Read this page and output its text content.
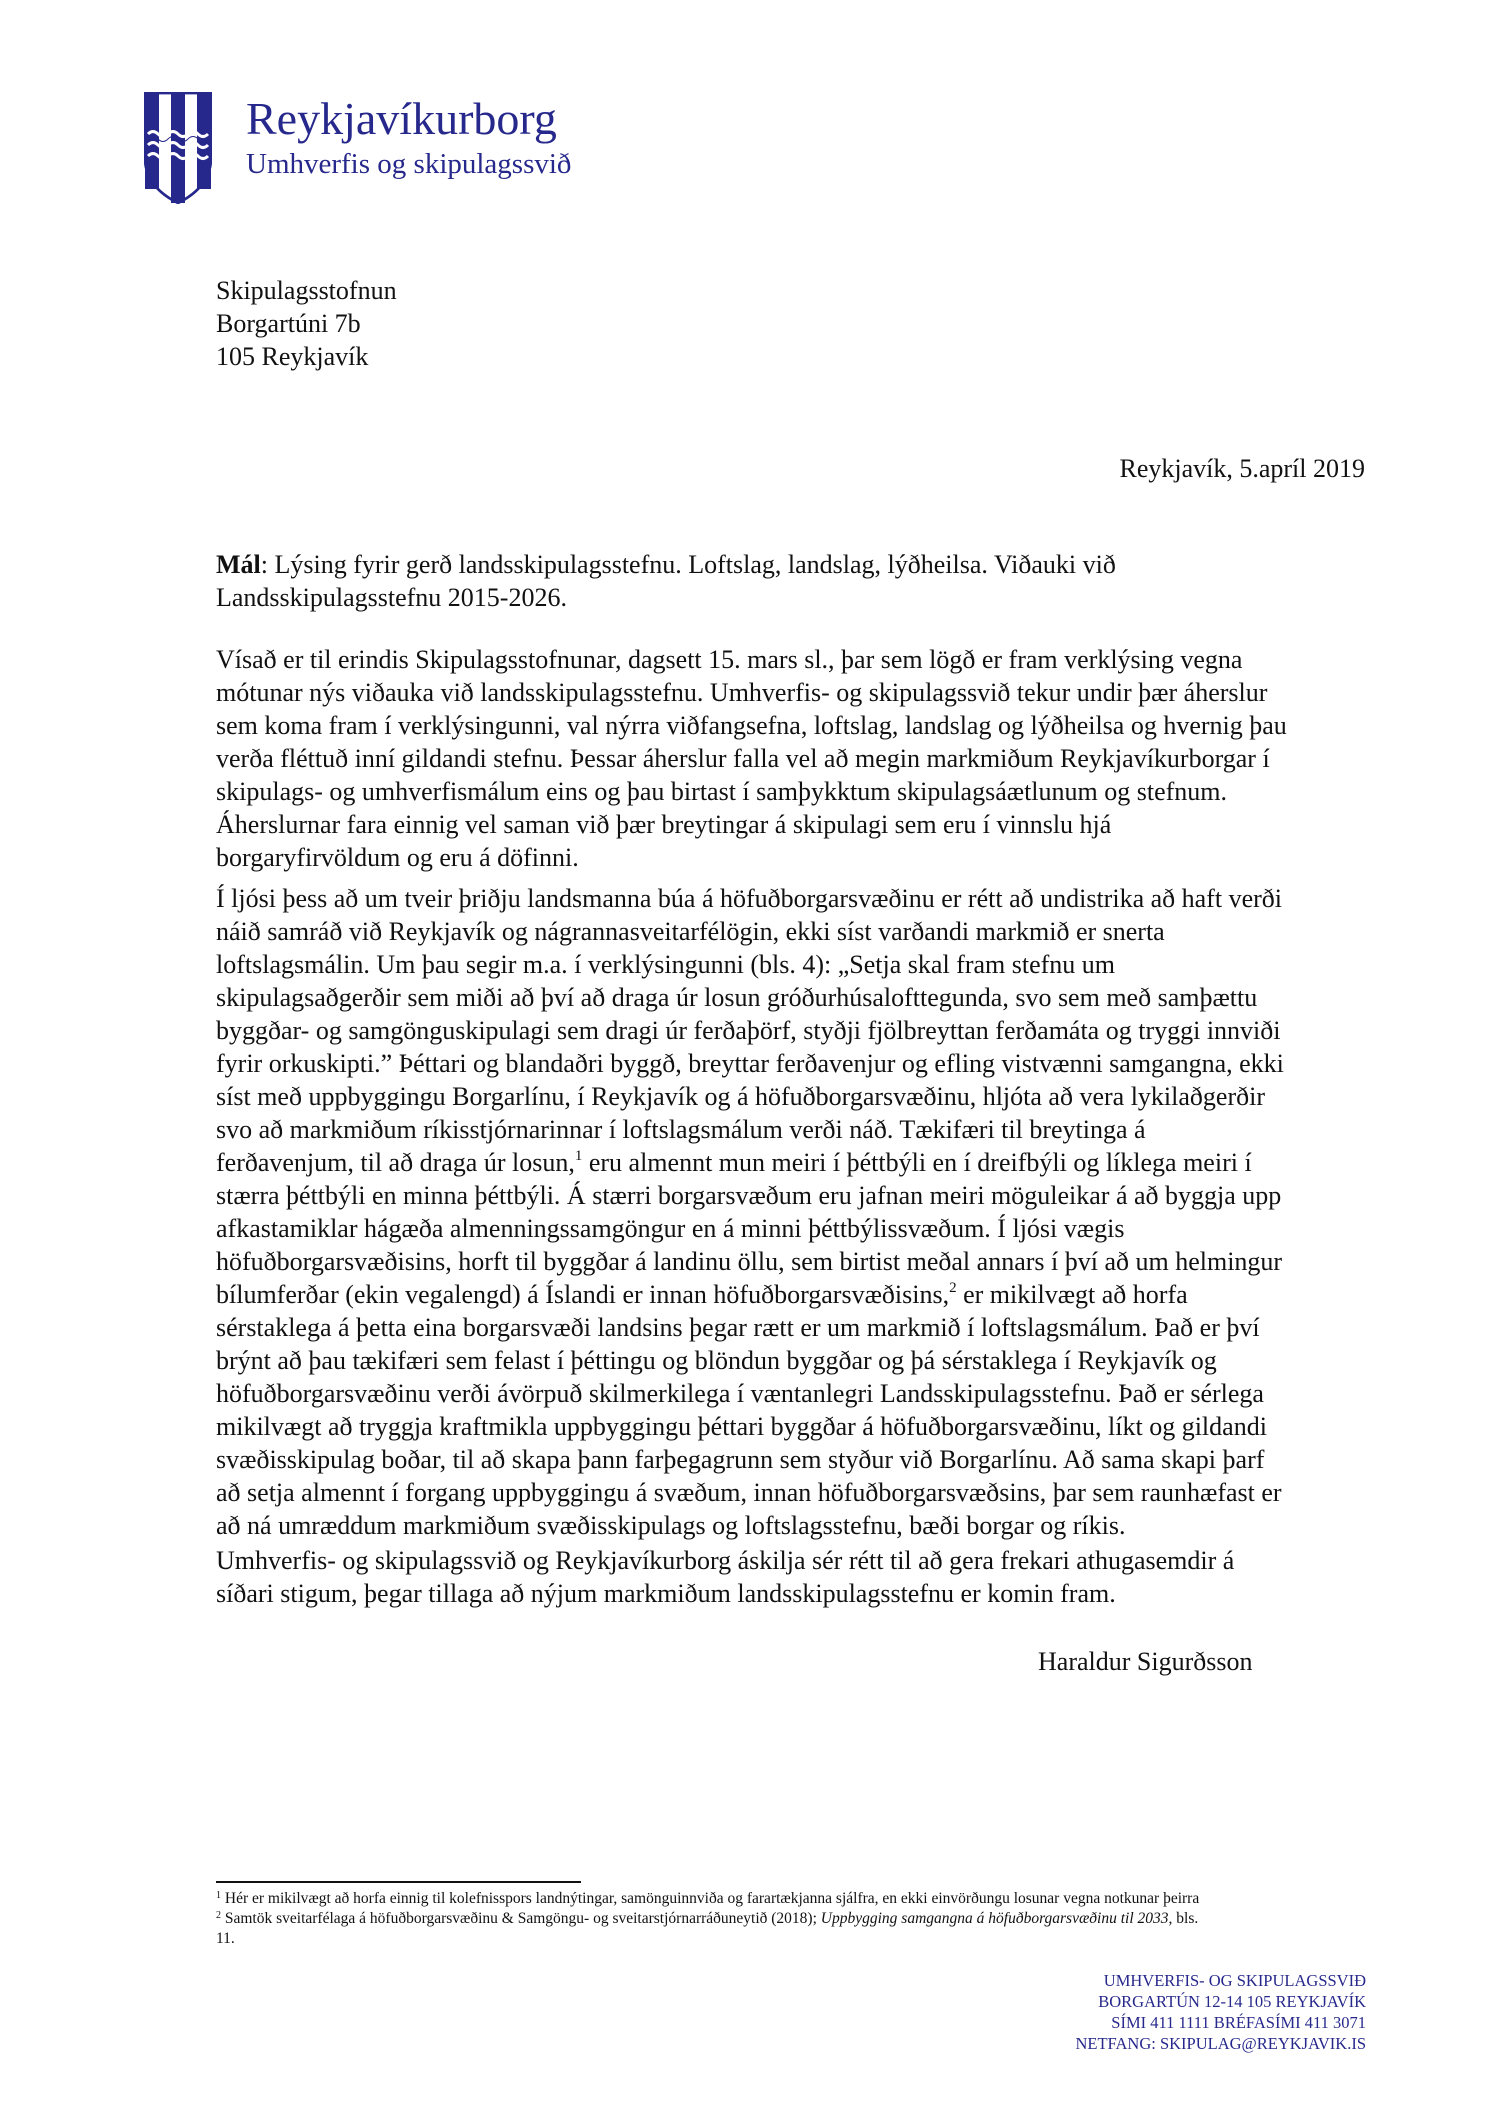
Reykjavíkurborg
Umhverfis og skipulagssvið
Skipulagsstofnun
Borgartúni 7b
105 Reykjavík
Reykjavík, 5.apríl 2019
Mál: Lýsing fyrir gerð landsskipulagsstefnu. Loftslag, landslag, lýðheilsa. Viðauki við
Landsskipulagsstefnu 2015-2026.
Vísað er til erindis Skipulagsstofnunar, dagsett 15. mars sl., þar sem lögð er fram verklýsing vegna
mótunar nýs viðauka við landsskipulagsstefnu. Umhverfis- og skipulagssvið tekur undir þær áherslur
sem koma fram í verklýsingunni, val nýrra viðfangsefna, loftslag, landslag og lýðheilsa og hvernig þau
verða fléttuð inní gildandi stefnu. Þessar áherslur falla vel að megin markmiðum Reykjavíkurborgar í
skipulags- og umhverfismálum eins og þau birtast í samþykktum skipulagsáætlunum og stefnum.
Áherslurnar fara einnig vel saman við þær breytingar á skipulagi sem eru í vinnslu hjá
borgaryfirvöldum og eru á döfinni.
Í ljósi þess að um tveir þriðju landsmanna búa á höfuðborgarsvæðinu er rétt að undistrika að haft verði
náið samráð við Reykjavík og nágrannasveitarfélögin, ekki síst varðandi markmið er snerta
loftslagsmálin. Um þau segir m.a. í verklýsingunni (bls. 4): „Setja skal fram stefnu um
skipulagsaðgerðir sem miði að því að draga úr losun gróðurhúsalofttegunda, svo sem með samþættu
byggðar- og samgönguskipulagi sem dragi úr ferðaþörf, styðji fjölbreyttan ferðamáta og tryggi innviði
fyrir orkuskipti.” Þéttari og blandaðri byggð, breyttar ferðavenjur og efling vistvænni samgangna, ekki
síst með uppbyggingu Borgarlínu, í Reykjavík og á höfuðborgarsvæðinu, hljóta að vera lykilaðgerðir
svo að markmiðum ríkisstjórnarinnar í loftslagsmálum verði náð. Tækifæri til breytinga á
ferðavenjum, til að draga úr losun,$^1$ eru almennt mun meiri í þéttbýli en í dreifbýli og líklega meiri í
stærra þéttbýli en minna þéttbýli. Á stærri borgarsvæðum eru jafnan meiri möguleikar á að byggja upp
afkastamiklar hágæða almenningssamgöngur en á minni þéttbýlissvæðum. Í ljósi vægis
höfuðborgarsvæðisins, horft til byggðar á landinu öllu, sem birtist meðal annars í því að um helmingur
bílumferðar (ekin vegalengd) á Íslandi er innan höfuðborgarsvæðisins,$^2$ er mikilvægt að horfa
sérstaklega á þetta eina borgarsvæði landsins þegar rætt er um markmið í loftslagsmálum. Það er því
brýnt að þau tækifæri sem felast í þéttingu og blöndun byggðar og þá sérstaklega í Reykjavík og
höfuðborgarsvæðinu verði ávörpuð skilmerkilega í væntanlegri Landsskipulagsstefnu. Það er sérlega
mikilvægt að tryggja kraftmikla uppbyggingu þéttari byggðar á höfuðborgarsvæðinu, líkt og gildandi
svæðisskipulag boðar, til að skapa þann farþegagrunn sem styður við Borgarlínu. Að sama skapi þarf
að setja almennt í forgang uppbyggingu á svæðum, innan höfuðborgarsvæðsins, þar sem raunhæfast er
að ná umræddum markmiðum svæðisskipulags og loftslagsstefnu, bæði borgar og ríkis.
Umhverfis- og skipulagssvið og Reykjavíkurborg áskilja sér rétt til að gera frekari athugasemdir á
síðari stigum, þegar tillaga að nýjum markmiðum landsskipulagsstefnu er komin fram.
Haraldur Sigurðsson
$^1$ Hér er mikilvægt að horfa einnig til kolefnisspors landnýtingar, samönguinnviða og farartækjanna sjálfra, en ekki einvörðungu losunar vegna notkunar þeirra
$^2$ Samtök sveitarfélaga á höfuðborgarsvæðinu & Samgöngu- og sveitarstjórnarráðuneytið (2018); Uppbygging samgangna á höfuðborgarsvæðinu til 2033, bls.
11.
UMHVERFIS- OG SKIPULAGSSVIÐ
BORGARTÚN 12-14 105 REYKJAVÍK
SÍMI 411 1111 BRÉFASÍMI 411 3071
NETFANG: SKIPULAG@REYKJAVIK.IS
